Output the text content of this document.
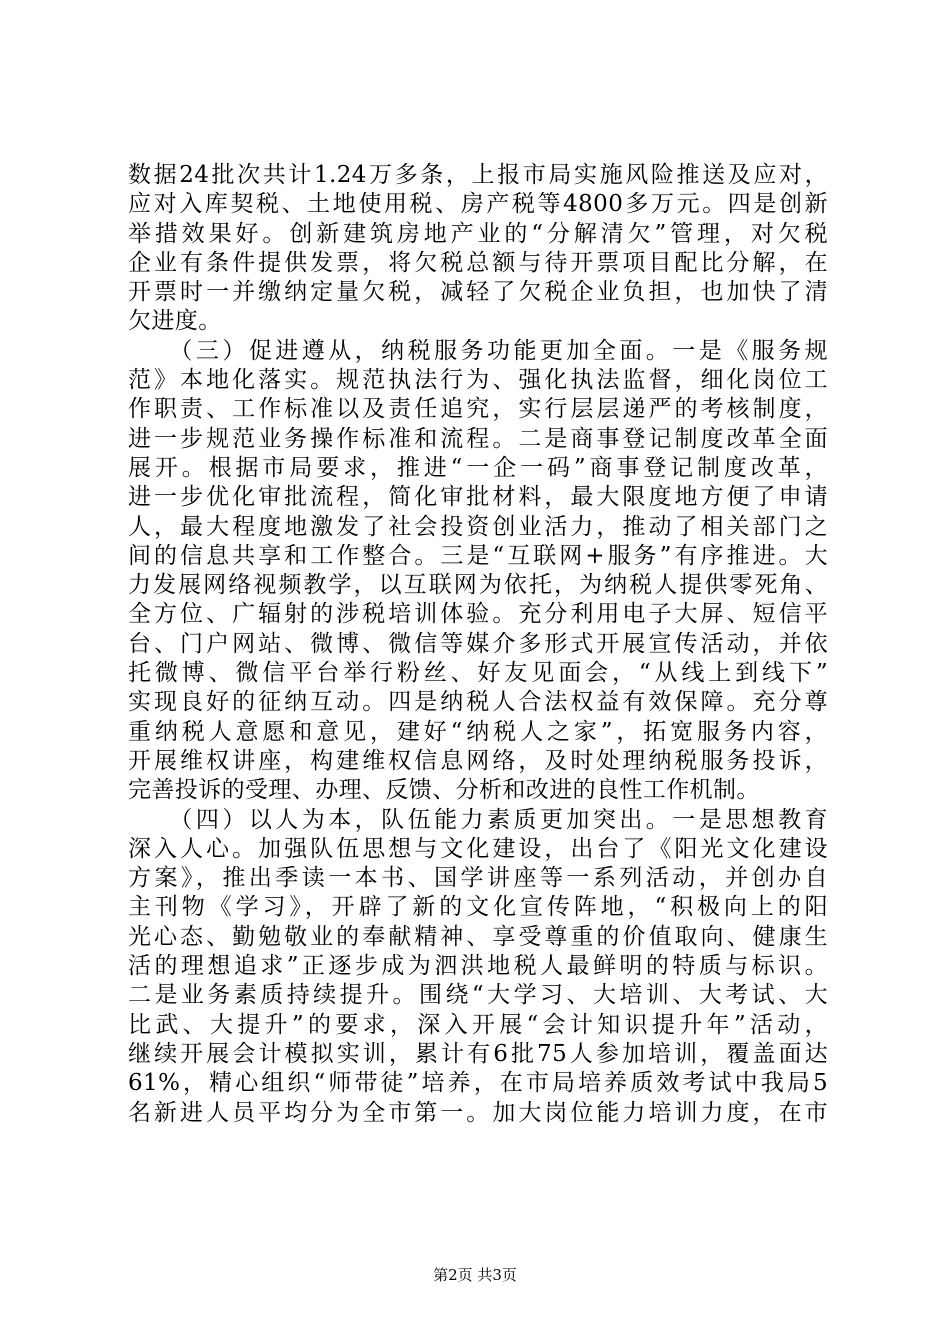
数据24批次共计1.24万多条，上报市局实施风险推送及应对，
应对入库契税、土地使用税、房产税等4800多万元。四是创新
举措效果好。创新建筑房地产业的“分解清欠”管理，对欠税
企业有条件提供发票，将欠税总额与待开票项目配比分解，在
开票时一并缴纳定量欠税，减轻了欠税企业负担，也加快了清
欠进度。
　　（三）促进遵从，纳税服务功能更加全面。一是《服务规
范》本地化落实。规范执法行为、强化执法监督，细化岗位工
作职责、工作标准以及责任追究，实行层层递严的考核制度，
进一步规范业务操作标准和流程。二是商事登记制度改革全面
展开。根据市局要求，推进“一企一码”商事登记制度改革，
进一步优化审批流程，简化审批材料，最大限度地方便了申请
人，最大程度地激发了社会投资创业活力，推动了相关部门之
间的信息共享和工作整合。三是“互联网+服务”有序推进。大
力发展网络视频教学，以互联网为依托，为纳税人提供零死角、
全方位、广辐射的涉税培训体验。充分利用电子大屏、短信平
台、门户网站、微博、微信等媒介多形式开展宣传活动，并依
托微博、微信平台举行粉丝、好友见面会，“从线上到线下”
实现良好的征纳互动。四是纳税人合法权益有效保障。充分尊
重纳税人意愿和意见，建好“纳税人之家”，拓宽服务内容，
开展维权讲座，构建维权信息网络，及时处理纳税服务投诉，
完善投诉的受理、办理、反馈、分析和改进的良性工作机制。
　　（四）以人为本，队伍能力素质更加突出。一是思想教育
深入人心。加强队伍思想与文化建设，出台了《阳光文化建设
方案》，推出季读一本书、国学讲座等一系列活动，并创办自
主刊物《学习》，开辟了新的文化宣传阵地，“积极向上的阳
光心态、勤勉敬业的奉献精神、享受尊重的价值取向、健康生
活的理想追求”正逐步成为泗洪地税人最鲜明的特质与标识。
二是业务素质持续提升。围绕“大学习、大培训、大考试、大
比武、大提升”的要求，深入开展“会计知识提升年”活动，
继续开展会计模拟实训，累计有6批75人参加培训，覆盖面达
61%，精心组织“师带徒”培养，在市局培养质效考试中我局5
名新进人员平均分为全市第一。加大岗位能力培训力度，在市
第2页 共3页
